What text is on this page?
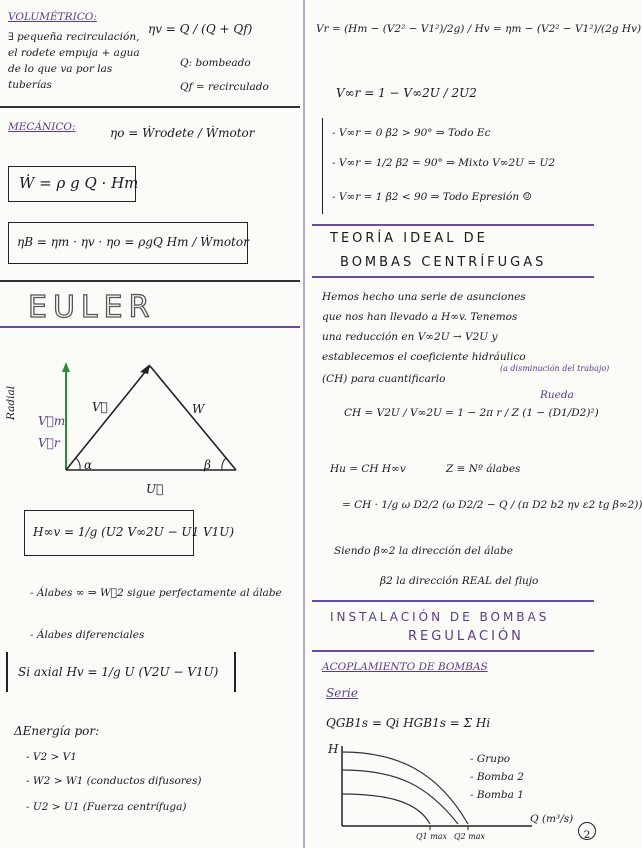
VOLUMÉTRICO:
∃ pequeña recirculación,
el rodete empuja + agua
de lo que va por las
tuberías
ηv = Q / (Q + Qf)
Q: bombeado
Qf = recirculado
MECÁNICO:	ηo = Ẇrodete / Ẇmotor
Ẇ = ρ g Q · Hm
ηB = ηm · ηv · ηo = ρgQ Hm / Ẇmotor
EULER
Radial
V⃗m
V⃗r
V⃗	W
α	β
U⃗
H∞v = 1/g (U2 V∞2U − U1 V1U)
- Álabes ∞ ⇒ W⃗2 sigue perfectamente al álabe
- Álabes diferenciales
Si axial Hv = 1/g U (V2U − V1U)
ΔEnergía por:
- V2 > V1
- W2 > W1 (conductos difusores)
- U2 > U1 (Fuerza centrífuga)
Vr = (Hm − (V2² − V1²)/2g) / Hv = ηm − (V2² − V1²)/(2g Hv)
V∞r = 1 − V∞2U / 2U2
- V∞r = 0 β2 > 90° ⇒ Todo Ec
- V∞r = 1/2 β2 = 90° ⇒ Mixto V∞2U = U2
- V∞r = 1 β2 < 90 ⇒ Todo Epresión ☺
TEORÍA IDEAL DE
BOMBAS CENTRÍFUGAS
Hemos hecho una serie de asunciones
que nos han llevado a H∞v. Tenemos
una reducción en V∞2U → V2U y
establecemos el coeficiente hidráulico
(CH) para cuantificarlo
(a disminución del trabajo)
Rueda
CH = V2U / V∞2U = 1 − 2π r / Z (1 − (D1/D2)²)
Hu = CH H∞v	Z ≡ Nº álabes
= CH · 1/g ω D2/2 (ω D2/2 − Q / (π D2 b2 ηv ε2 tg β∞2))
Siendo β∞2 la dirección del álabe
β2 la dirección REAL del flujo
INSTALACIÓN DE BOMBAS
REGULACIÓN
ACOPLAMIENTO DE BOMBAS
Serie
QGB1s = Qi HGB1s = Σ Hi
H
Q (m³/s)
Q1 max Q2 max
- Grupo
- Bomba 2
- Bomba 1
2
